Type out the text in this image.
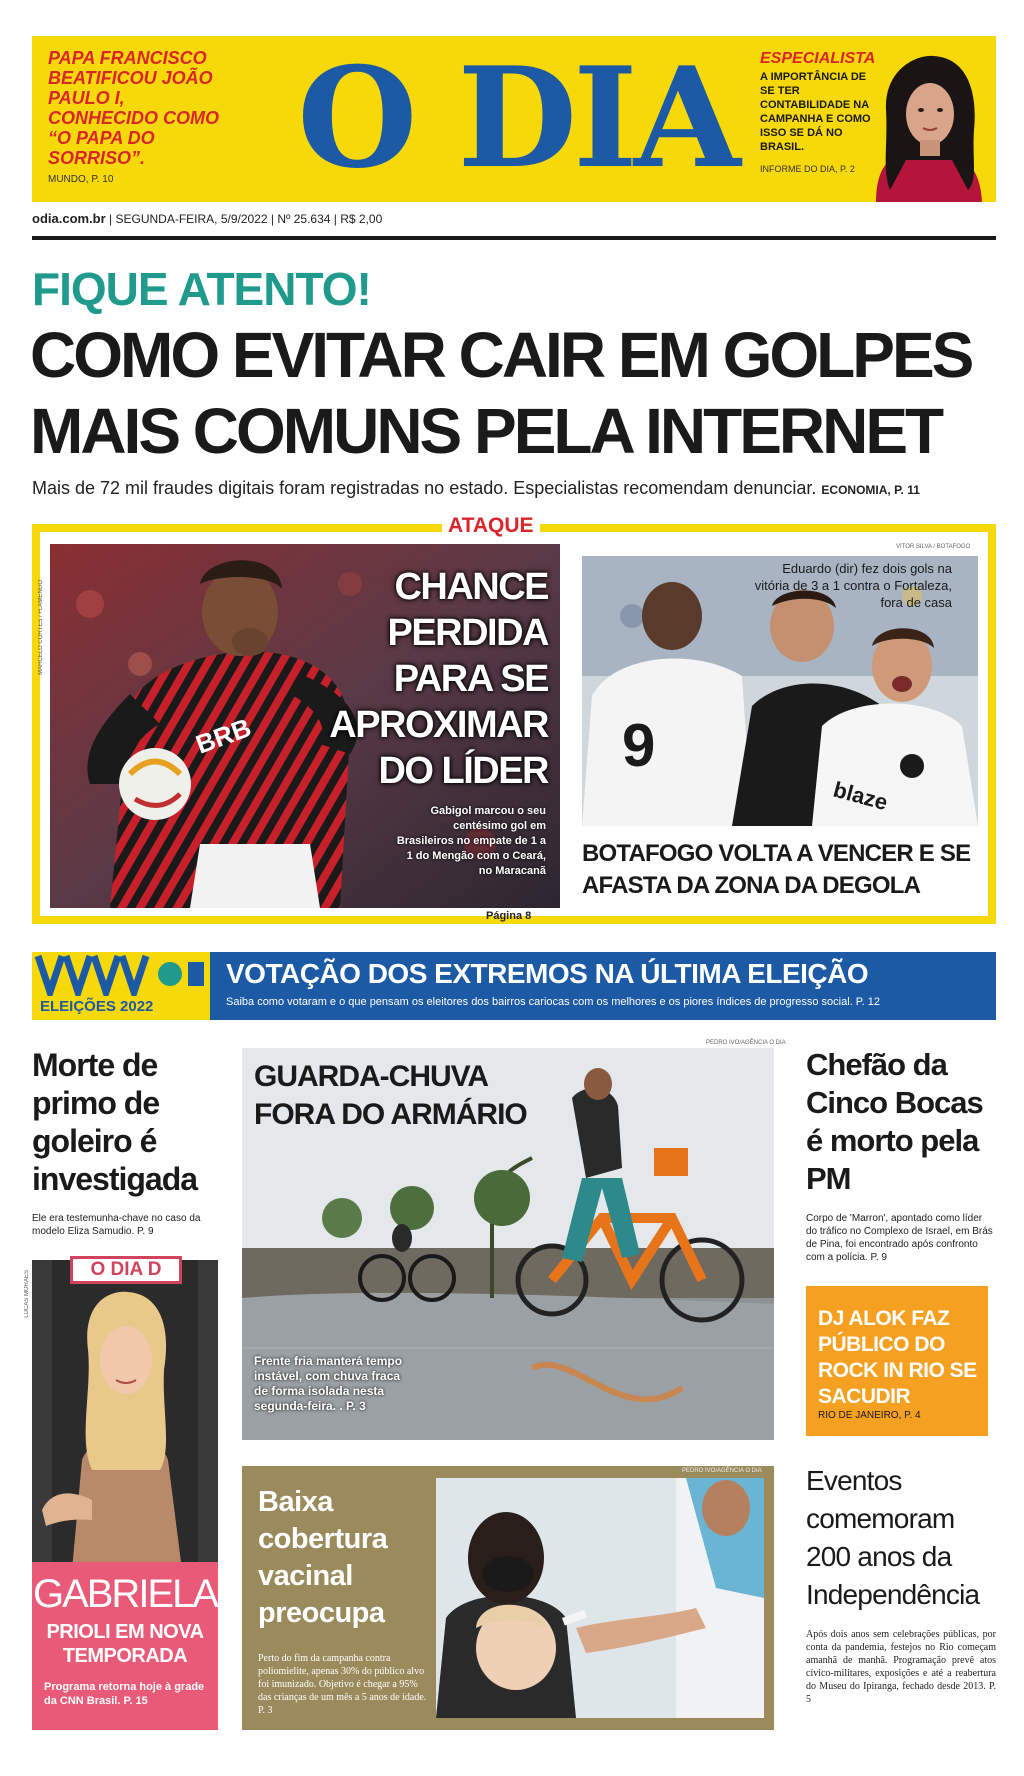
PAPA FRANCISCO BEATIFICOU JOÃO PAULO I, CONHECIDO COMO “O PAPA DO SORRISO”.
MUNDO, P. 10 O DIA	ESPECIALISTA
A IMPORTÂNCIA DE SE TER CONTABILIDADE NA CAMPANHA E COMO ISSO SE DÁ NO BRASIL.
INFORME DO DIA, P. 2
odia.com.br | SEGUNDA-FEIRA, 5/9/2022 | Nº 25.634 | R$ 2,00
FIQUE ATENTO!
COMO EVITAR CAIR EM GOLPES
MAIS COMUNS PELA INTERNET
Mais de 72 mil fraudes digitais foram registradas no estado. Especialistas recomendam denunciar. ECONOMIA, P. 11
BRB
MARCELO CORTES / FLAMENGO
ATAQUE
CHANCE PERDIDA PARA SE APROXIMAR DO LÍDER
Gabigol marcou o seu centésimo gol em Brasileiros no empate de 1 a 1 do Mengão com o Ceará, no Maracanã
Página 8
VITOR SILVA / BOTAFOGO
9
blaze
Eduardo (dir) fez dois gols na vitória de 3 a 1 contra o Fortaleza, fora de casa
BOTAFOGO VOLTA A VENCER E SE AFASTA DA ZONA DA DEGOLA
ELEIÇÕES 2022
VOTAÇÃO DOS EXTREMOS NA ÚLTIMA ELEIÇÃO
Saiba como votaram e o que pensam os eleitores dos bairros cariocas com os melhores e os piores índices de progresso social. P. 12
Morte de primo de goleiro é investigada
Ele era testemunha-chave no caso da modelo Eliza Samudio. P. 9
LUCAS MORAES
O DIA D
GABRIELA
PRIOLI EM NOVA TEMPORADA
Programa retorna hoje à grade da CNN Brasil. P. 15
PEDRO IVO/AGÊNCIA O DIA
GUARDA-CHUVA FORA DO ARMÁRIO
Frente fria manterá tempo instável, com chuva fraca de forma isolada nesta segunda-feira. . P. 3
PEDRO IVO/AGÊNCIA O DIA
Baixa cobertura vacinal preocupa
Perto do fim da campanha contra poliomielite, apenas 30% do público alvo foi imunizado. Objetivo é chegar a 95% das crianças de um mês a 5 anos de idade. P. 3
Chefão da Cinco Bocas é morto pela PM
Corpo de 'Marron', apontado como líder do tráfico no Complexo de Israel, em Brás de Pina, foi encontrado após confronto com a polícia. P. 9
DJ ALOK FAZ PÚBLICO DO ROCK IN RIO SE SACUDIR
RIO DE JANEIRO, P. 4
Eventos comemoram 200 anos da Independência
Após dois anos sem celebrações públicas, por conta da pandemia, festejos no Rio começam amanhã de manhã. Programação prevê atos cívico-militares, exposições e até a reabertura do Museu do Ipiranga, fechado desde 2013. P. 5
